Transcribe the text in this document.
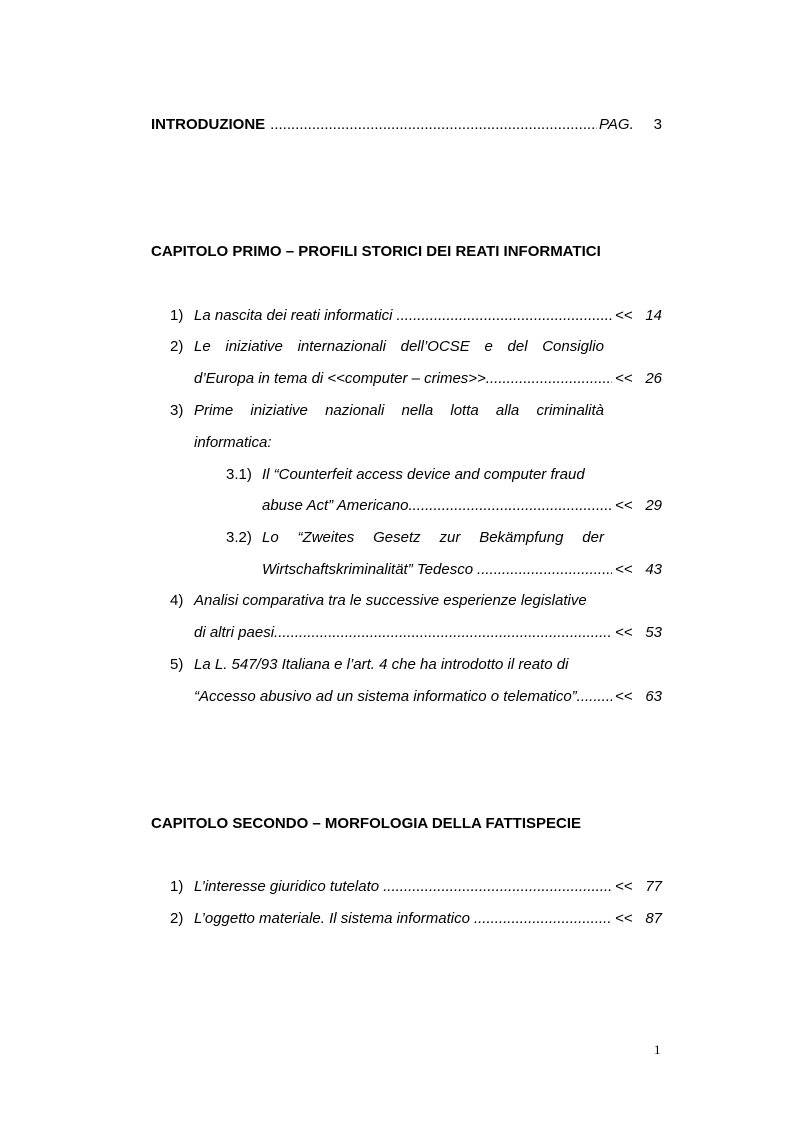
INTRODUZIONE .....	PAG.	3
CAPITOLO PRIMO – PROFILI STORICI DEI REATI INFORMATICI
1) La nascita dei reati informatici .....	<< 14
2) Le iniziative internazionali dell’OCSE e del Consiglio
d’Europa in tema di <<computer – crimes>> .....	<< 26
3) Prime iniziative nazionali nella lotta alla criminalità
informatica:
3.1) Il “Counterfeit access device and computer fraud
abuse Act” Americano .....	<< 29
3.2) Lo “Zweites Gesetz zur Bekämpfung der
Wirtschaftskriminalität” Tedesco .....	<< 43
4) Analisi comparativa tra le successive esperienze legislative
di altri paesi .....	<< 53
5) La L. 547/93 Italiana e l’art. 4 che ha introdotto il reato di
“Accesso abusivo ad un sistema informatico o telematico” .....	<< 63
CAPITOLO SECONDO – MORFOLOGIA DELLA FATTISPECIE
1) L’interesse giuridico tutelato .....	<< 77
2) L’oggetto materiale. Il sistema informatico .....	<< 87
1
